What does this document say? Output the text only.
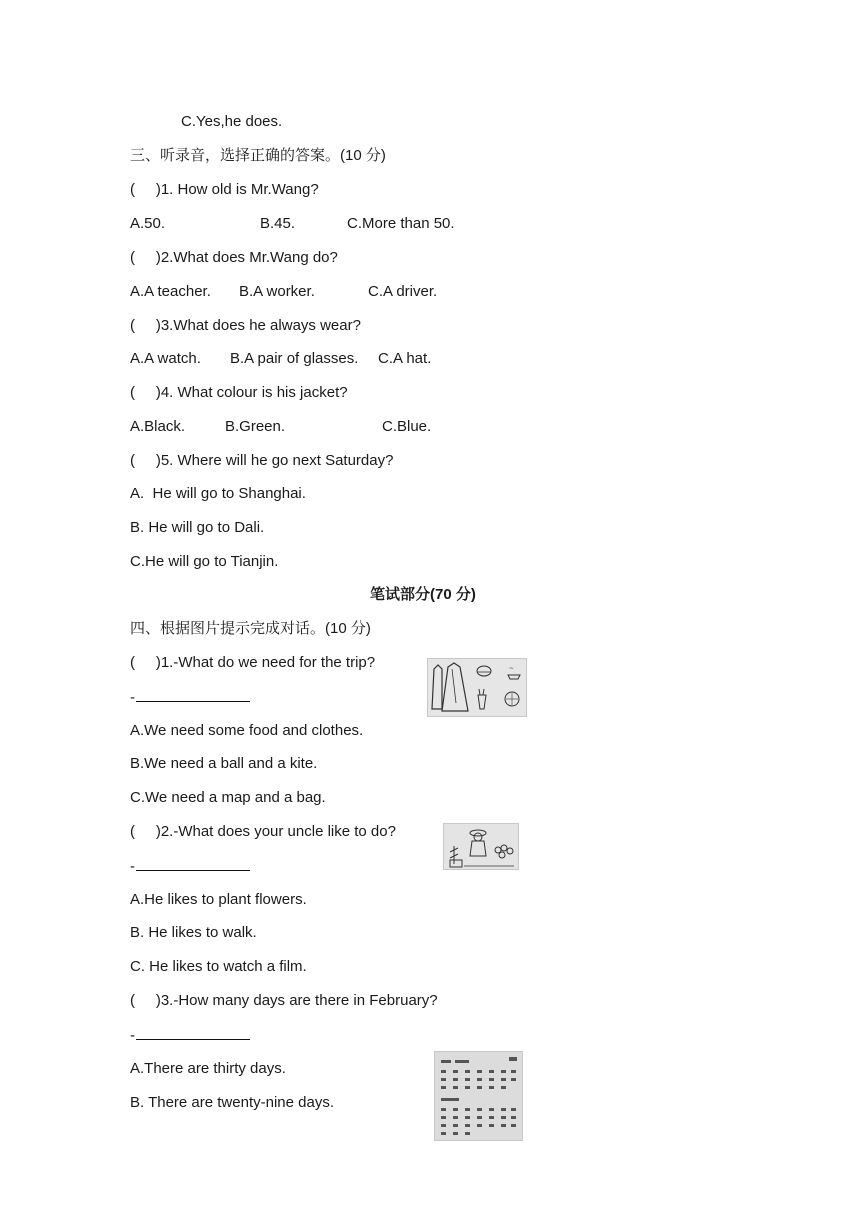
C.Yes,he does.
三、听录音，选择正确的答案。(10 分)
(     )1. How old is Mr.Wang?
A.50.	B.45.	C.More than 50.
(     )2.What does Mr.Wang do?
A.A teacher. B.A worker.	C.A driver.
(     )3.What does he always wear?
A.A watch. B.A pair of glasses. C.A hat.
(     )4. What colour is his jacket?
A.Black.	B.Green.	C.Blue.
(     )5. Where will he go next Saturday?
A.  He will go to Shanghai.
B. He will go to Dali.
C.He will go to Tianjin.
笔试部分(70 分)
四、根据图片提示完成对话。(10 分)
(     )1.-What do we need for the trip?
-
A.We need some food and clothes.
B.We need a ball and a kite.
C.We need a map and a bag.
~
(     )2.-What does your uncle like to do?
-
A.He likes to plant flowers.
B. He likes to walk.
C. He likes to watch a film.
(     )3.-How many days are there in February?
-
A.There are thirty days.
B. There are twenty-nine days.
